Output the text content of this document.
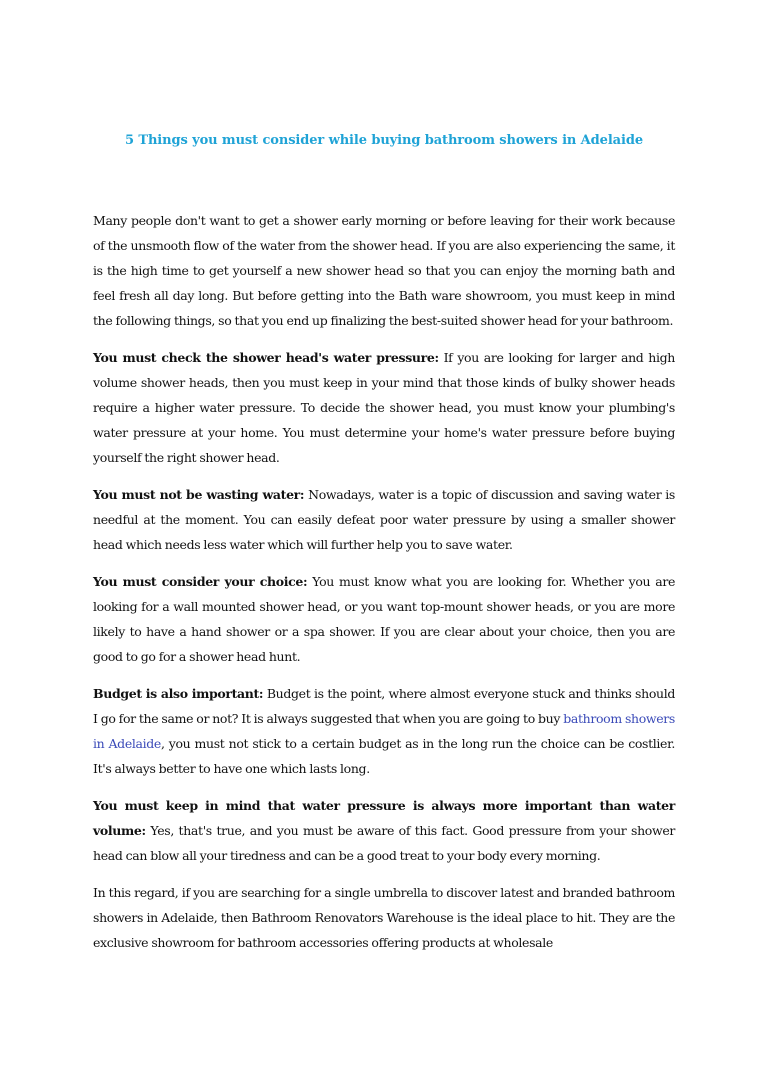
5 Things you must consider while buying bathroom showers in Adelaide

Many people don't want to get a shower early morning or before leaving for their work because of the unsmooth flow of the water from the shower head. If you are also experiencing the same, it is the high time to get yourself a new shower head so that you can enjoy the morning bath and feel fresh all day long. But before getting into the Bath ware showroom, you must keep in mind the following things, so that you end up finalizing the best-suited shower head for your bathroom.

You must check the shower head's water pressure: If you are looking for larger and high volume shower heads, then you must keep in your mind that those kinds of bulky shower heads require a higher water pressure. To decide the shower head, you must know your plumbing's water pressure at your home. You must determine your home's water pressure before buying yourself the right shower head.

You must not be wasting water: Nowadays, water is a topic of discussion and saving water is needful at the moment. You can easily defeat poor water pressure by using a smaller shower head which needs less water which will further help you to save water.

You must consider your choice: You must know what you are looking for. Whether you are looking for a wall mounted shower head, or you want top-mount shower heads, or you are more likely to have a hand shower or a spa shower. If you are clear about your choice, then you are good to go for a shower head hunt.

Budget is also important: Budget is the point, where almost everyone stuck and thinks should I go for the same or not? It is always suggested that when you are going to buy bathroom showers in Adelaide, you must not stick to a certain budget as in the long run the choice can be costlier. It's always better to have one which lasts long.

You must keep in mind that water pressure is always more important than water volume: Yes, that's true, and you must be aware of this fact. Good pressure from your shower head can blow all your tiredness and can be a good treat to your body every morning.

In this regard, if you are searching for a single umbrella to discover latest and branded bathroom showers in Adelaide, then Bathroom Renovators Warehouse is the ideal place to hit. They are the exclusive showroom for bathroom accessories offering products at wholesale
